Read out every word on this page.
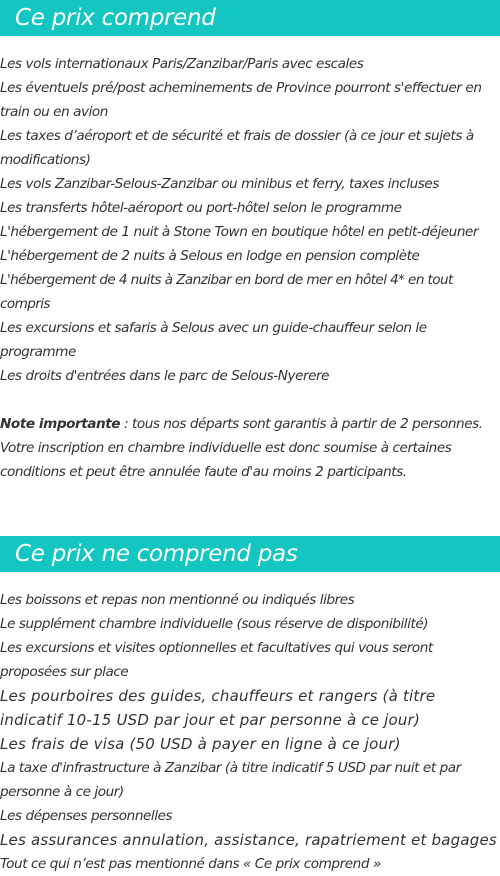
Ce prix comprend
Les vols internationaux Paris/Zanzibar/Paris avec escales
Les éventuels pré/post acheminements de Province pourront s'effectuer en train ou en avion
Les taxes d’aéroport et de sécurité et frais de dossier (à ce jour et sujets à modifications)
Les vols Zanzibar-Selous-Zanzibar ou minibus et ferry, taxes incluses
Les transferts hôtel-aéroport ou port-hôtel selon le programme
L'hébergement de 1 nuit à Stone Town en boutique hôtel en petit-déjeuner
L'hébergement de 2 nuits à Selous en lodge en pension complète
L'hébergement de 4 nuits à Zanzibar en bord de mer en hôtel 4* en tout compris
Les excursions et safaris à Selous avec un guide-chauffeur selon le programme
Les droits d'entrées dans le parc de Selous-Nyerere

Note importante : tous nos départs sont garantis à partir de 2 personnes. Votre inscription en chambre individuelle est donc soumise à certaines conditions et peut être annulée faute d'au moins 2 participants.

Ce prix ne comprend pas
Les boissons et repas non mentionné ou indiqués libres
Le supplément chambre individuelle (sous réserve de disponibilité)
Les excursions et visites optionnelles et facultatives qui vous seront proposées sur place
Les pourboires des guides, chauffeurs et rangers (à titre indicatif 10-15 USD par jour et par personne à ce jour)
Les frais de visa (50 USD à payer en ligne à ce jour)
La taxe d'infrastructure à Zanzibar (à titre indicatif 5 USD par nuit et par personne à ce jour)
Les dépenses personnelles
Les assurances annulation, assistance, rapatriement et bagages
Tout ce qui n’est pas mentionné dans « Ce prix comprend »
